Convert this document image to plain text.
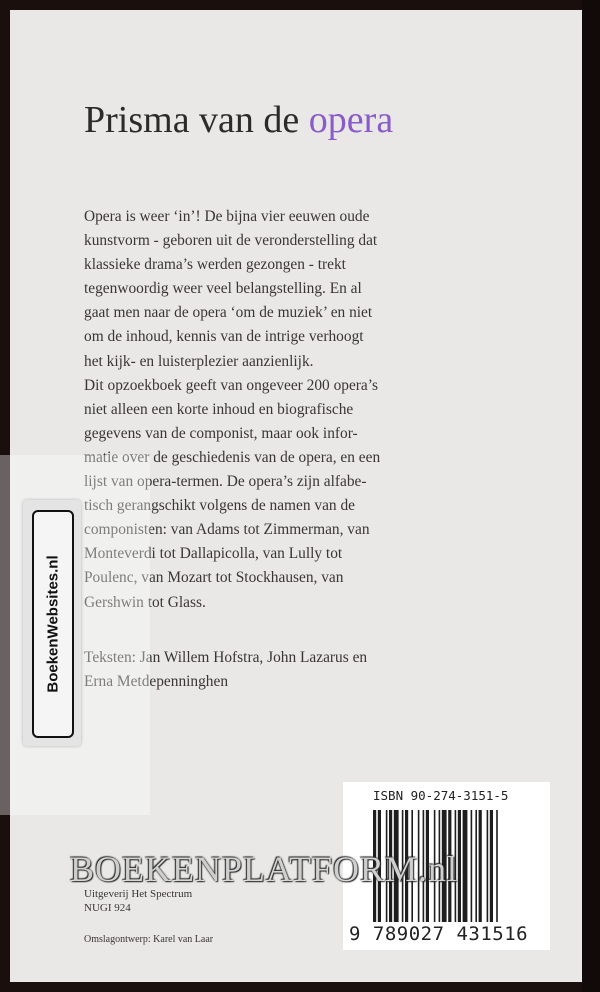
Prisma van de opera
Opera is weer ‘in’! De bijna vier eeuwen oude
kunstvorm - geboren uit de veronderstelling dat
klassieke drama’s werden gezongen - trekt
tegenwoordig weer veel belangstelling. En al
gaat men naar de opera ‘om de muziek’ en niet
om de inhoud, kennis van de intrige verhoogt
het kijk- en luisterplezier aanzienlijk.
Dit opzoekboek geeft van ongeveer 200 opera’s
niet alleen een korte inhoud en biografische
gegevens van de componist, maar ook infor-
matie over de geschiedenis van de opera, en een
lijst van opera-termen. De opera’s zijn alfabe-
tisch gerangschikt volgens de namen van de
componisten: van Adams tot Zimmerman, van
Monteverdi tot Dallapicolla, van Lully tot
Poulenc, van Mozart tot Stockhausen, van
Gershwin tot Glass.
Teksten: Jan Willem Hofstra, John Lazarus en
Erna Metdepenninghen
Uitgeverij Het Spectrum
NUGI 924
Omslagontwerp: Karel van Laar
ISBN 90-274-3151-5
9 789027 431516
BoekenWebsites.nl
BOEKENPLATFORM.nl
